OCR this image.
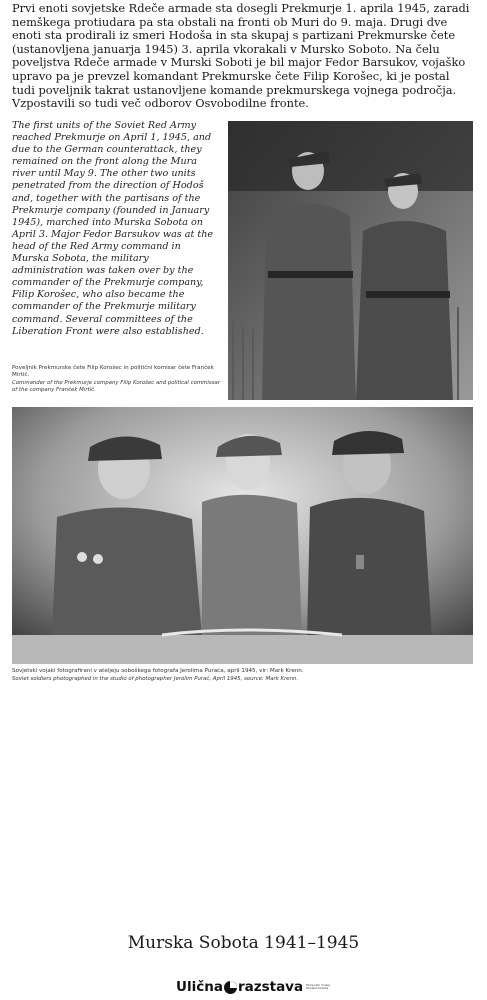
Prvi enoti sovjetske Rdeče armade sta dosegli Prekmurje 1. aprila 1945, zaradi nemškega protiudara pa sta obstali na fronti ob Muri do 9. maja. Drugi dve enoti sta prodirali iz smeri Hodoša in sta skupaj s partizani Prekmurske čete (ustanovljena januarja 1945) 3. aprila vkorakali v Mursko Soboto. Na čelu poveljstva Rdeče armade v Murski Soboti je bil major Fedor Barsukov, vojaško upravo pa je prevzel komandant Prekmurske čete Filip Korošec, ki je postal tudi poveljnik takrat ustanovljene komande prekmurskega vojnega področja. Vzpostavili so tudi več odborov Osvobodilne fronte.

The first units of the Soviet Red Army reached Prekmurje on April 1, 1945, and due to the German counterattack, they remained on the front along the Mura river until May 9. The other two units penetrated from the direction of Hodoš and, together with the partisans of the Prekmurje company (founded in January 1945), marched into Murska Sobota on April 3. Major Fedor Barsukov was at the head of the Red Army command in Murska Sobota, the military administration was taken over by the commander of the Prekmurje company, Filip Korošec, who also became the commander of the Prekmurje military command. Several committees of the Liberation Front were also established.

Poveljnik Prekmurske čete Filip Korošec in politični komisar čete Franček Mirtič.
Commander of the Prekmurje company Filip Korošec and political commissar of the company Franček Mirtič.
Sovjetski vojaki fotografirani v ateljeju soboškega fotografa Jerolima Puraća, april 1945, vir: Mark Krenn.
Soviet soldiers photographed in the studio of photographer Jerolim Purać, April 1945, source: Mark Krenn.

Murska Sobota 1941–1945

Ulična razstava Pomurski muzej
Murska Sobota
